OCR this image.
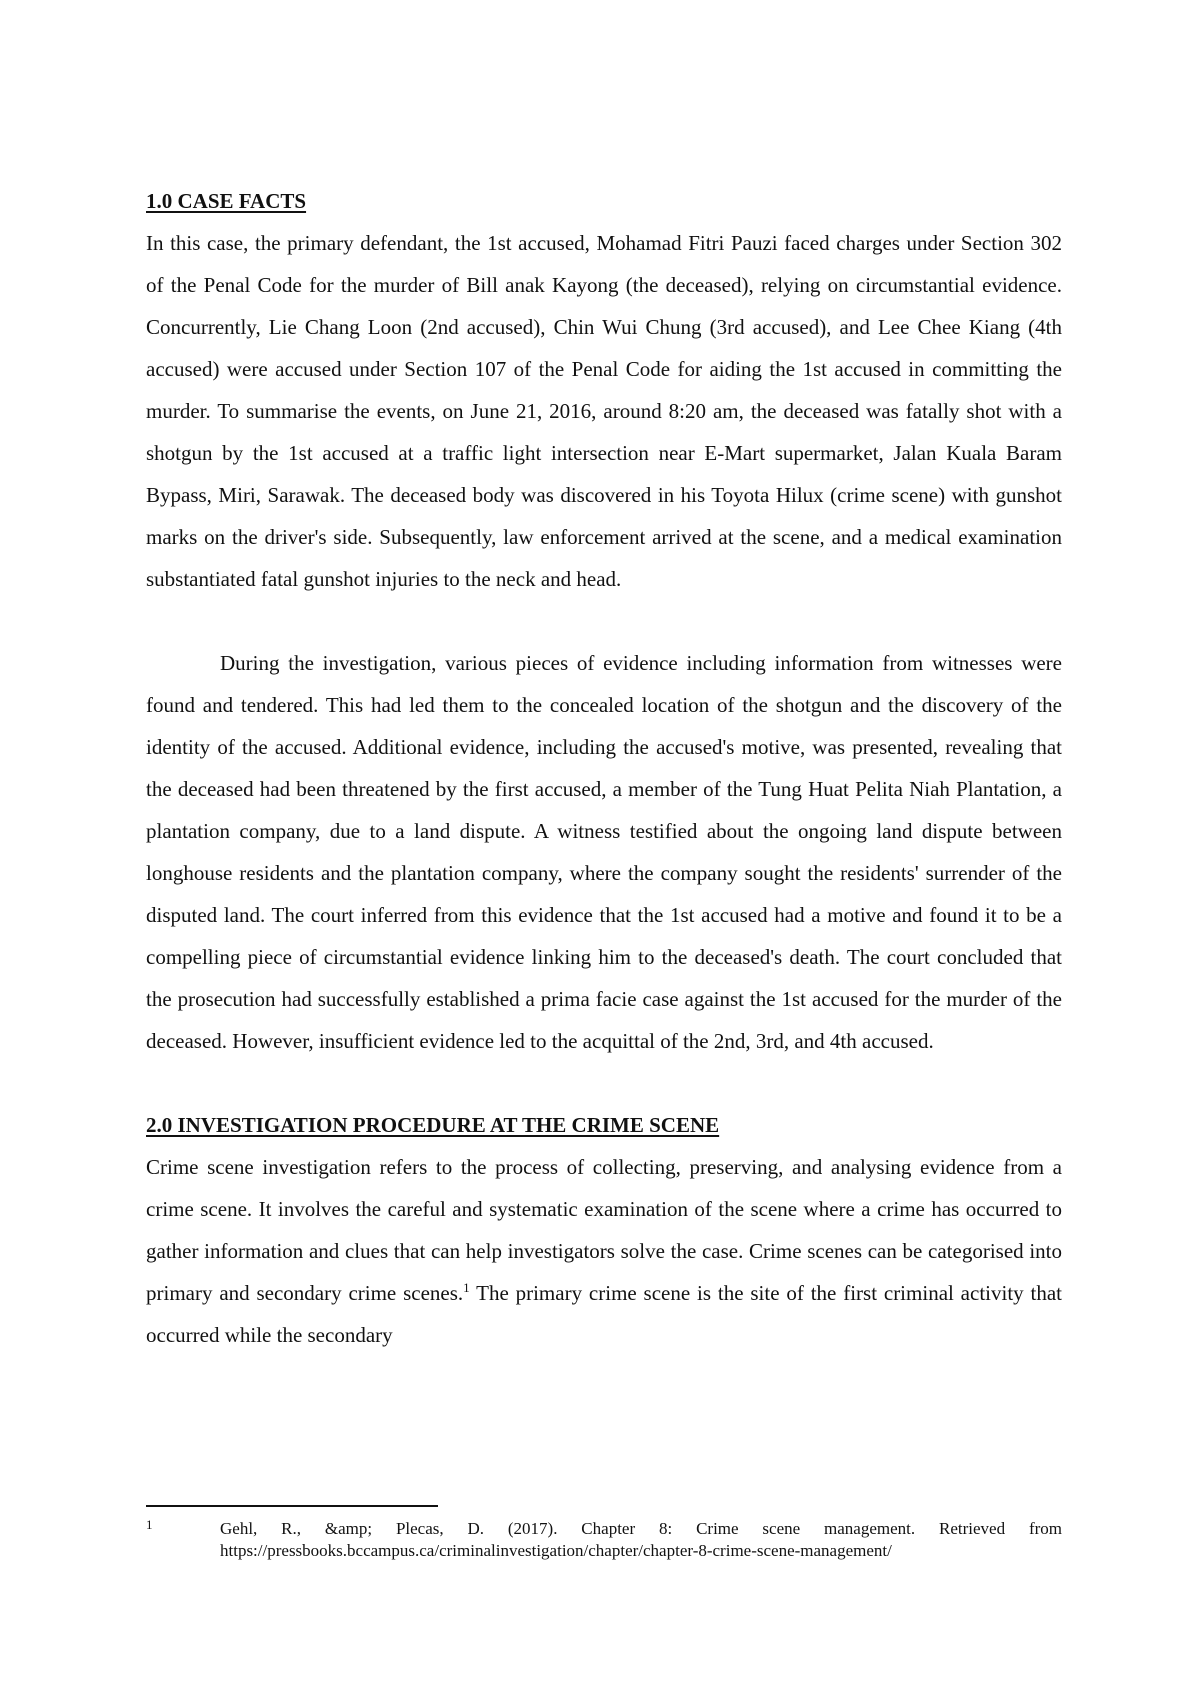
1.0 CASE FACTS

In this case, the primary defendant, the 1st accused, Mohamad Fitri Pauzi faced charges under Section 302 of the Penal Code for the murder of Bill anak Kayong (the deceased), relying on circumstantial evidence. Concurrently, Lie Chang Loon (2nd accused), Chin Wui Chung (3rd accused), and Lee Chee Kiang (4th accused) were accused under Section 107 of the Penal Code for aiding the 1st accused in committing the murder. To summarise the events, on June 21, 2016, around 8:20 am, the deceased was fatally shot with a shotgun by the 1st accused at a traffic light intersection near E-Mart supermarket, Jalan Kuala Baram Bypass, Miri, Sarawak. The deceased body was discovered in his Toyota Hilux (crime scene) with gunshot marks on the driver's side. Subsequently, law enforcement arrived at the scene, and a medical examination substantiated fatal gunshot injuries to the neck and head.

During the investigation, various pieces of evidence including information from witnesses were found and tendered. This had led them to the concealed location of the shotgun and the discovery of the identity of the accused. Additional evidence, including the accused's motive, was presented, revealing that the deceased had been threatened by the first accused, a member of the Tung Huat Pelita Niah Plantation, a plantation company, due to a land dispute. A witness testified about the ongoing land dispute between longhouse residents and the plantation company, where the company sought the residents' surrender of the disputed land. The court inferred from this evidence that the 1st accused had a motive and found it to be a compelling piece of circumstantial evidence linking him to the deceased's death. The court concluded that the prosecution had successfully established a prima facie case against the 1st accused for the murder of the deceased. However, insufficient evidence led to the acquittal of the 2nd, 3rd, and 4th accused.

2.0 INVESTIGATION PROCEDURE AT THE CRIME SCENE

Crime scene investigation refers to the process of collecting, preserving, and analysing evidence from a crime scene. It involves the careful and systematic examination of the scene where a crime has occurred to gather information and clues that can help investigators solve the case. Crime scenes can be categorised into primary and secondary crime scenes.$^1$ The primary crime scene is the site of the first criminal activity that occurred while the secondary

1	Gehl, R., &amp; Plecas, D. (2017). Chapter 8: Crime scene management. Retrieved from
https://pressbooks.bccampus.ca/criminalinvestigation/chapter/chapter-8-crime-scene-management/
